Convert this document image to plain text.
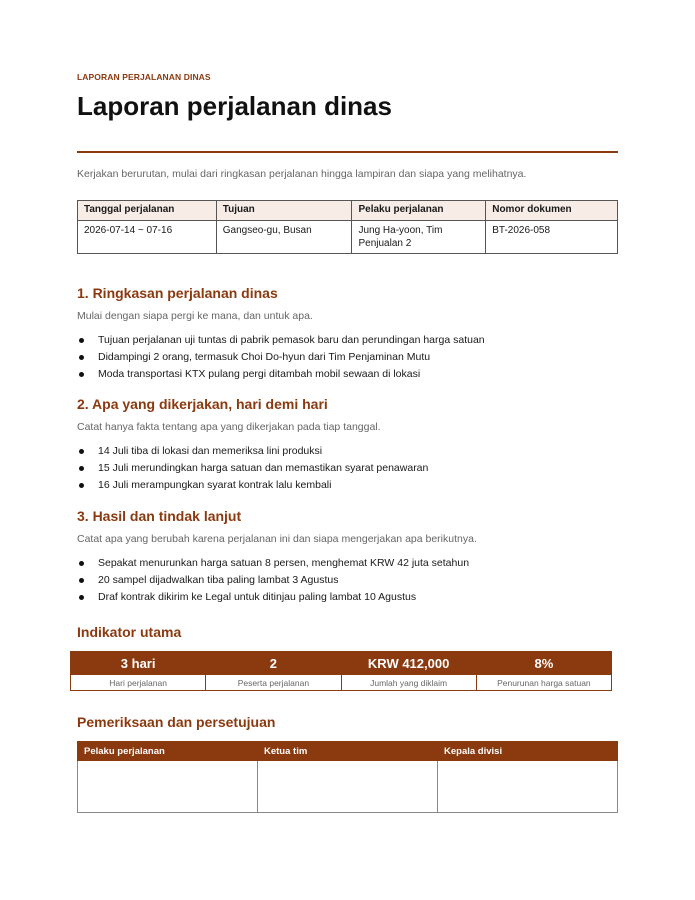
LAPORAN PERJALANAN DINAS
Laporan perjalanan dinas
Kerjakan berurutan, mulai dari ringkasan perjalanan hingga lampiran dan siapa yang melihatnya.
Tanggal perjalanan	Tujuan	Pelaku perjalanan	Nomor dokumen
2026-07-14 ~ 07-16	Gangseo-gu, Busan	Jung Ha-yoon, Tim Penjualan 2	BT-2026-058
1. Ringkasan perjalanan dinas
Mulai dengan siapa pergi ke mana, dan untuk apa.
Tujuan perjalanan uji tuntas di pabrik pemasok baru dan perundingan harga satuan
Didampingi 2 orang, termasuk Choi Do-hyun dari Tim Penjaminan Mutu
Moda transportasi KTX pulang pergi ditambah mobil sewaan di lokasi
2. Apa yang dikerjakan, hari demi hari
Catat hanya fakta tentang apa yang dikerjakan pada tiap tanggal.
14 Juli tiba di lokasi dan memeriksa lini produksi
15 Juli merundingkan harga satuan dan memastikan syarat penawaran
16 Juli merampungkan syarat kontrak lalu kembali
3. Hasil dan tindak lanjut
Catat apa yang berubah karena perjalanan ini dan siapa mengerjakan apa berikutnya.
Sepakat menurunkan harga satuan 8 persen, menghemat KRW 42 juta setahun
20 sampel dijadwalkan tiba paling lambat 3 Agustus
Draf kontrak dikirim ke Legal untuk ditinjau paling lambat 10 Agustus
Indikator utama
3 hari	2	KRW 412,000	8%
Hari perjalanan	Peserta perjalanan	Jumlah yang diklaim	Penurunan harga satuan
Pemeriksaan dan persetujuan
Pelaku perjalanan	Ketua tim	Kepala divisi
